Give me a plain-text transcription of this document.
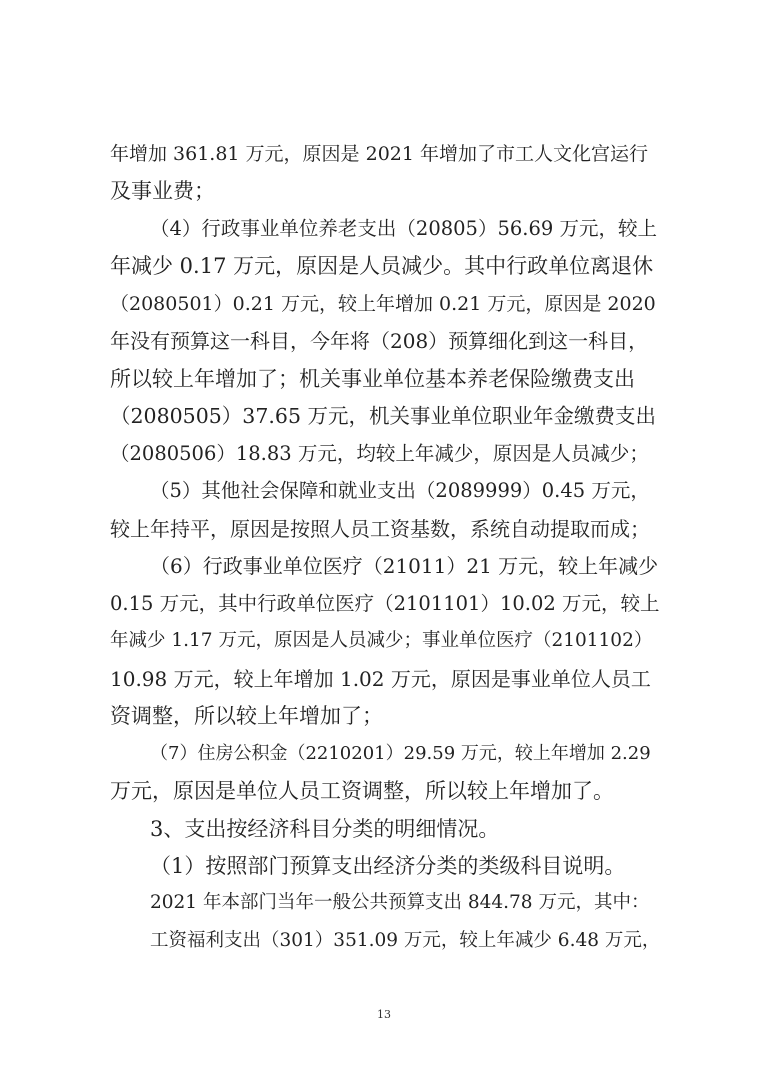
年增加 361.81 万元，原因是 2021 年增加了市工人文化宫运行
及事业费；
（4）行政事业单位养老支出（20805）56.69 万元，较上
年减少 0.17 万元，原因是人员减少。其中行政单位离退休
（2080501）0.21 万元，较上年增加 0.21 万元，原因是 2020
年没有预算这一科目，今年将（208）预算细化到这一科目，
所以较上年增加了；机关事业单位基本养老保险缴费支出
（2080505）37.65 万元，机关事业单位职业年金缴费支出
（2080506）18.83 万元，均较上年减少，原因是人员减少；
（5）其他社会保障和就业支出（2089999）0.45 万元，
较上年持平，原因是按照人员工资基数，系统自动提取而成；
（6）行政事业单位医疗（21011）21 万元，较上年减少
0.15 万元，其中行政单位医疗（2101101）10.02 万元，较上
年减少 1.17 万元，原因是人员减少；事业单位医疗（2101102）
10.98 万元，较上年增加 1.02 万元，原因是事业单位人员工
资调整，所以较上年增加了；
（7）住房公积金（2210201）29.59 万元，较上年增加 2.29
万元，原因是单位人员工资调整，所以较上年增加了。
3、支出按经济科目分类的明细情况。
（1）按照部门预算支出经济分类的类级科目说明。
2021 年本部门当年一般公共预算支出 844.78 万元，其中：
工资福利支出（301）351.09 万元，较上年减少 6.48 万元，
13
